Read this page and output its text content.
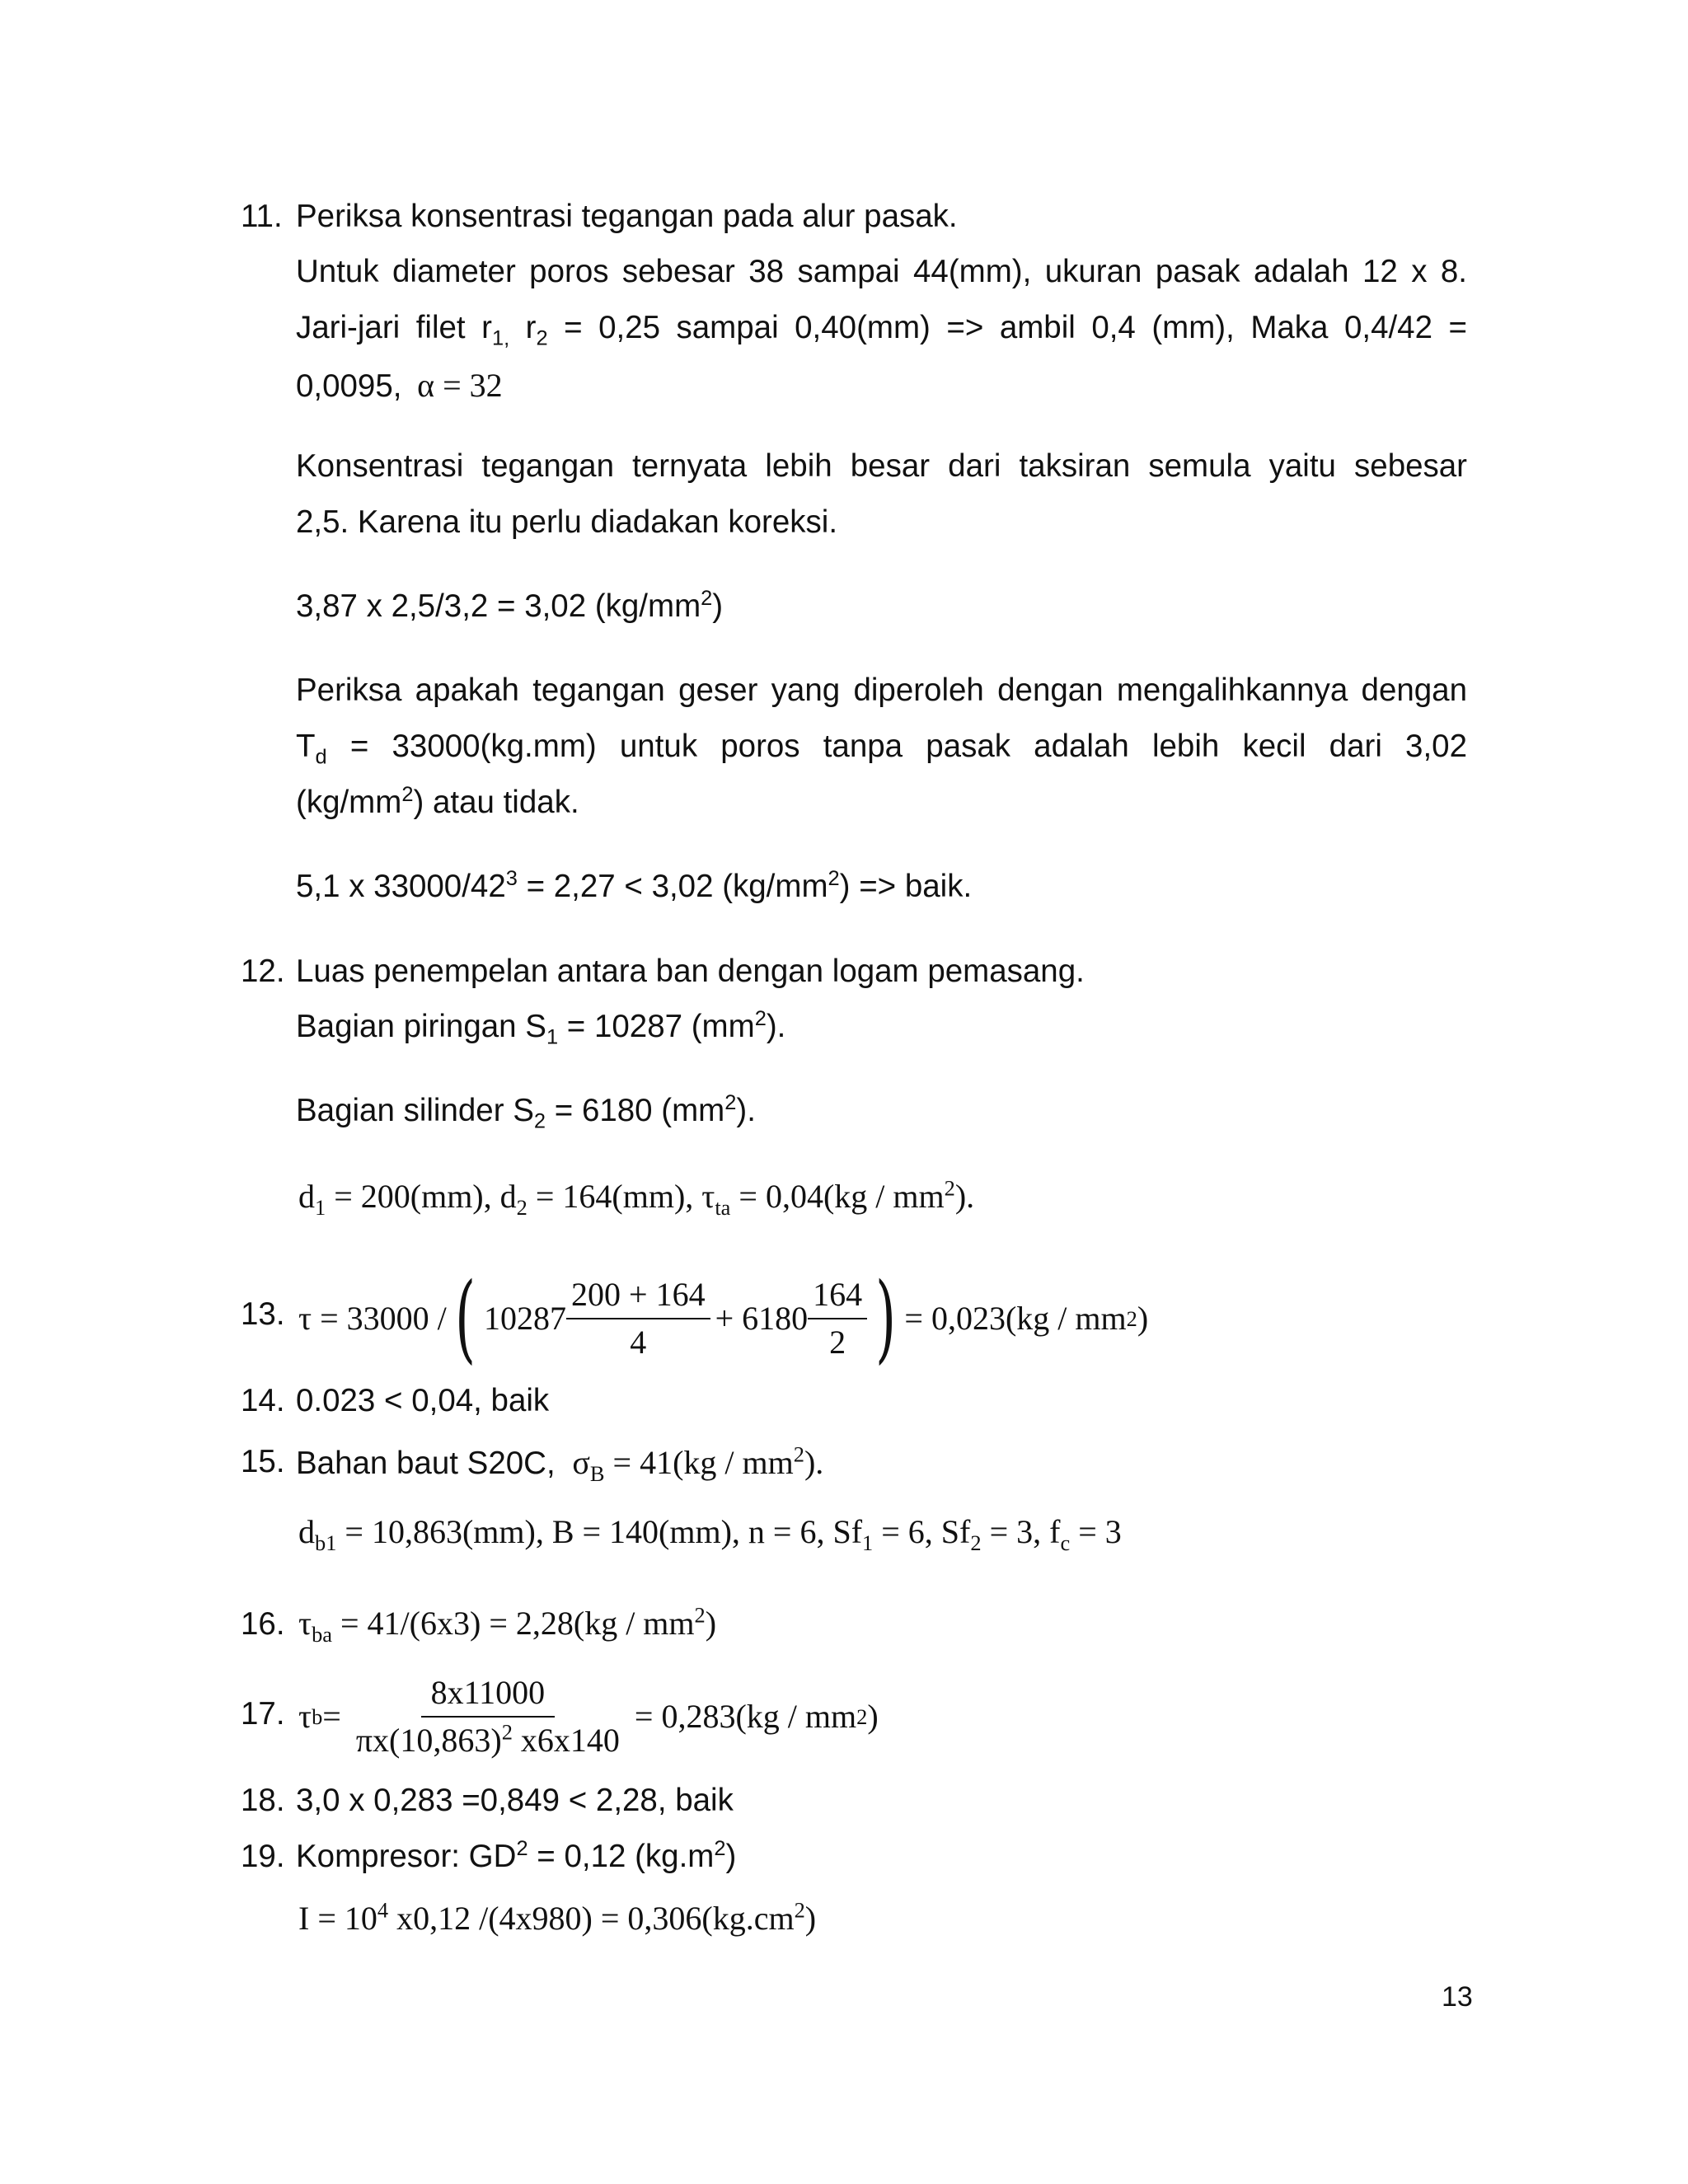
11. Periksa konsentrasi tegangan pada alur pasak.
Untuk diameter poros sebesar 38 sampai 44(mm), ukuran pasak adalah 12 x 8.
Jari-jari filet $r_{1,}$ $r_2 = 0,25$ sampai 0,40(mm) => ambil 0,4 (mm), Maka 0,4/42 =
0,0095, α = 32
Konsentrasi tegangan ternyata lebih besar dari taksiran semula yaitu sebesar
2,5. Karena itu perlu diadakan koreksi.
3,87 x 2,5/3,2 = 3,02 $(kg/mm^2)$
Periksa apakah tegangan geser yang diperoleh dengan mengalihkannya dengan
$T_d = 33000(kg.mm)$ untuk poros tanpa pasak adalah lebih kecil dari 3,02
$(kg/mm^2)$ atau tidak.
5,1 x $33000/42^3 = 2,27 < 3,02$ $(kg/mm^2)$ => baik.
12. Luas penempelan antara ban dengan logam pemasang.
Bagian piringan $S_1 = 10287$ $(mm^2)$.
Bagian silinder $S_2 = 6180$ $(mm^2)$.
$d_1 = 200(mm)$, $d_2 = 164(mm)$, $\tau_{ta} = 0,04(kg / mm^2)$.
13. τ = 33000 / ( $10287 \frac{200 + 164}{4} + 6180 \frac{164}{2}$ ) = 0,023(kg / mm 2 )
14. 0.023 < 0,04, baik
15. Bahan baut S20C, $\sigma_B = 41(kg / mm^2)$.
$d_{b1} = 10,863(mm)$, B = 140(mm), n = 6, $Sf_1 = 6$, $Sf_2 = 3$, $f_c = 3$
16. $\tau_{ba} = 41/(6x3) = 2,28(kg / mm^2)$
17. τ $b = \frac{8x11000}{\pi x(10,863)^2 x6x140} = 0,283(kg$ / mm 2 )
18. 3,0 x 0,283 =0,849 < 2,28, baik
19. Kompresor: $GD^2 = 0,12$ $(kg.m^2)$
$I = 10^4$ x0,12 $/(4x980) = 0,306(kg.cm^2)$
13
